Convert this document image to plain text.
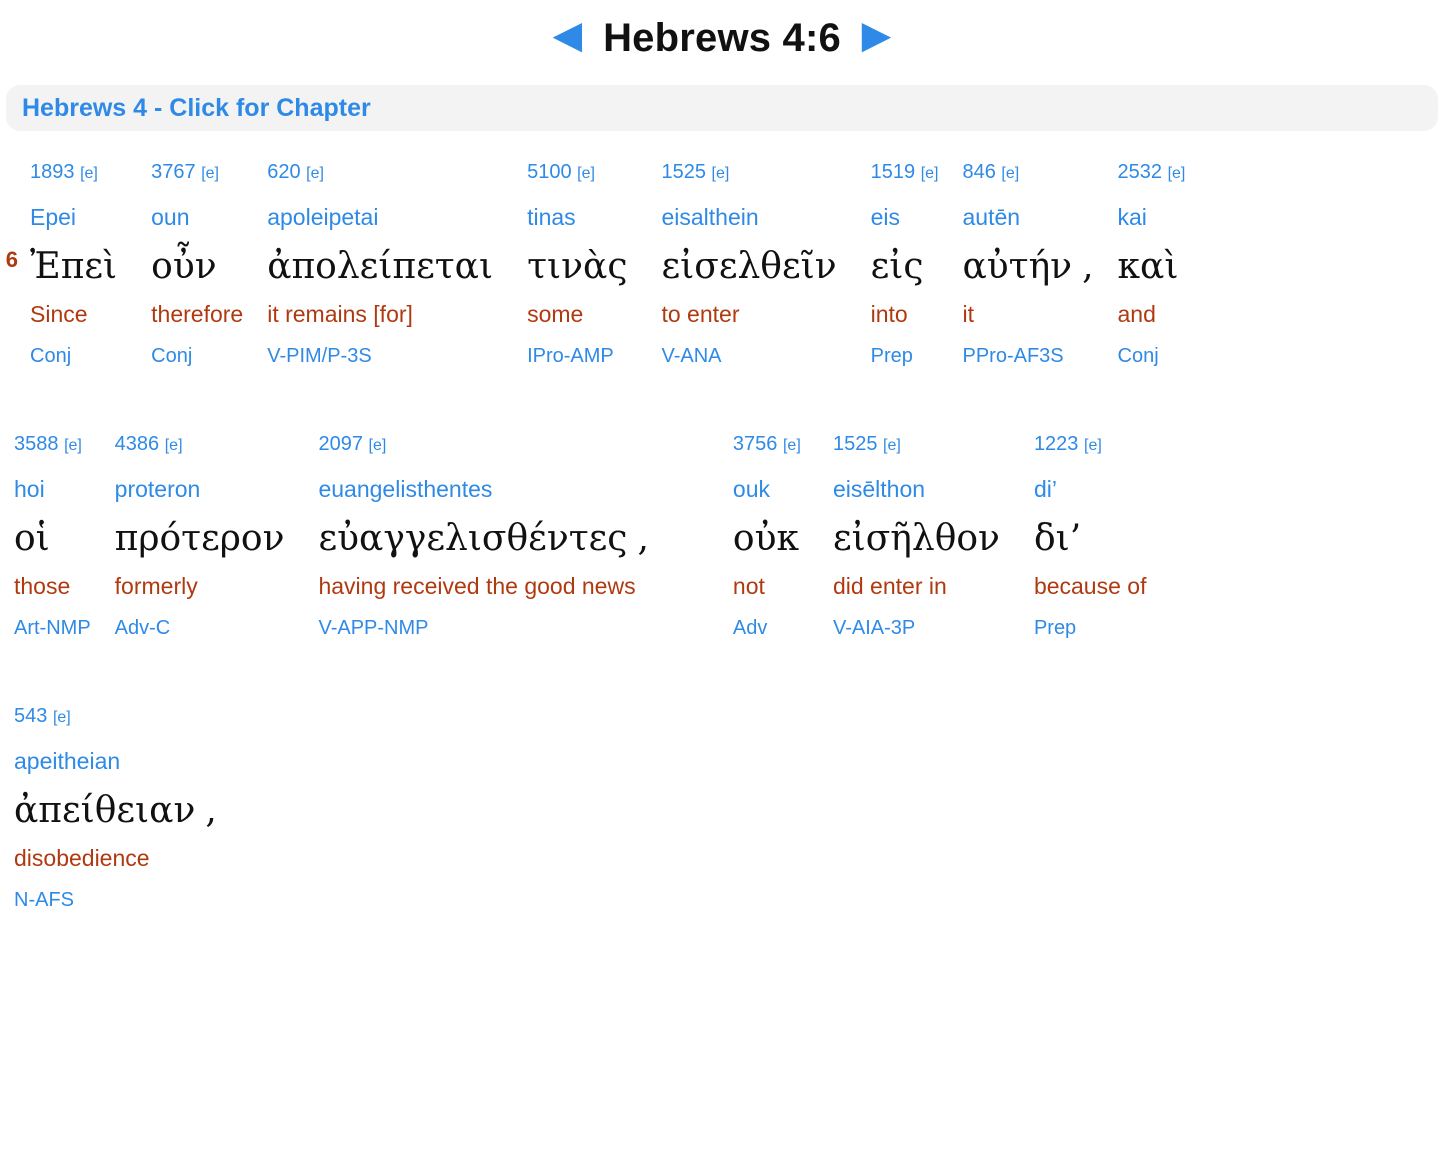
◀ Hebrews 4:6 ▶
Hebrews 4 - Click for Chapter
6
1893 [e]
Epei
Ἐπεὶ
Since
Conj
3767 [e]
oun
οὖν
therefore
Conj
620 [e]
apoleipetai
ἀπολείπεται
it remains [for]
V-PIM/P-3S
5100 [e]
tinas
τινὰς
some
IPro-AMP
1525 [e]
eisalthein
εἰσελθεῖν
to enter
V-ANA
1519 [e]
eis
εἰς
into
Prep
846 [e]
autēn
αὐτήν ,
it
PPro-AF3S
2532 [e]
kai
καὶ
and
Conj
3588 [e]
hoi
οἱ
those
Art-NMP
4386 [e]
proteron
πρότερον
formerly
Adv-C
2097 [e]
euangelisthentes
εὐαγγελισθέντες ,
having received the good news
V-APP-NMP
3756 [e]
ouk
οὐκ
not
Adv
1525 [e]
eisēlthon
εἰσῆλθον
did enter in
V-AIA-3P
1223 [e]
di’
δι’
because of
Prep
543 [e]
apeitheian
ἀπείθειαν ,
disobedience
N-AFS
